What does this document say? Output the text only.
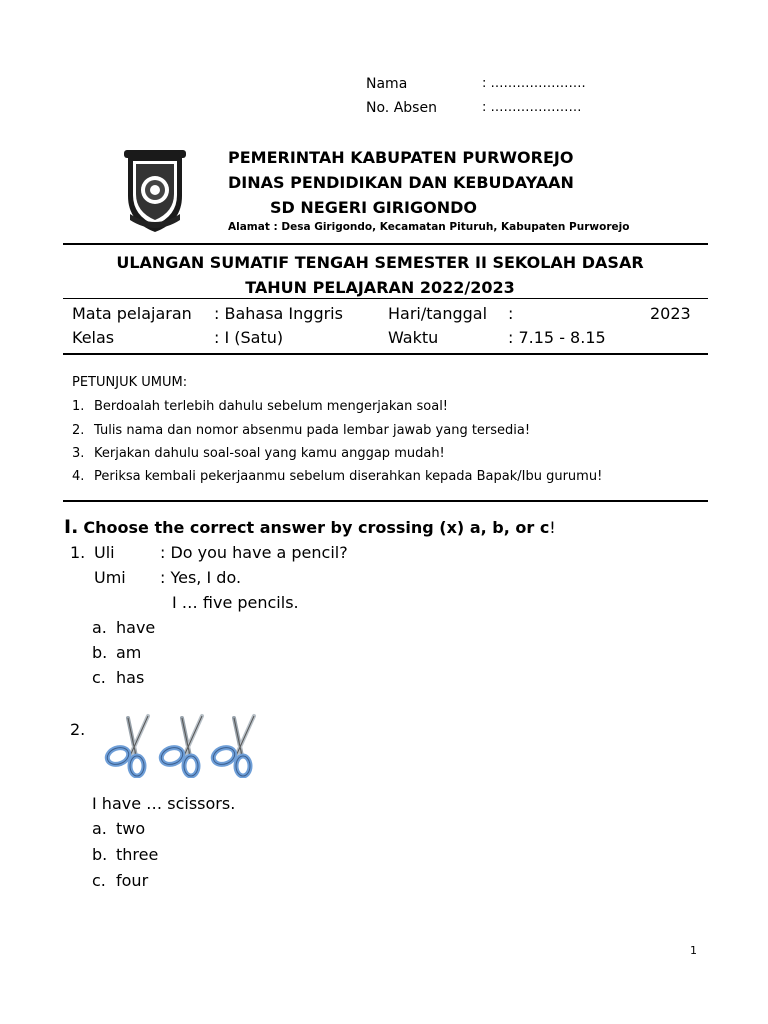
Nama	: ………………….
No. Absen	: …………………
PEMERINTAH KABUPATEN PURWOREJO
DINAS PENDIDIKAN DAN KEBUDAYAAN
SD NEGERI GIRIGONDO
Alamat : Desa Girigondo, Kecamatan Pituruh, Kabupaten Purworejo
ULANGAN SUMATIF TENGAH SEMESTER II SEKOLAH DASAR
TAHUN PELAJARAN 2022/2023
Mata pelajaran : Bahasa Inggris	Hari/tanggal :	2023
Kelas	: I (Satu)	Waktu	: 7.15 - 8.15
PETUNJUK UMUM:
1. Berdoalah terlebih dahulu sebelum mengerjakan soal!
2. Tulis nama dan nomor absenmu pada lembar jawab yang tersedia!
3. Kerjakan dahulu soal-soal yang kamu anggap mudah!
4. Periksa kembali pekerjaanmu sebelum diserahkan kepada Bapak/Ibu gurumu!
I. Choose the correct answer by crossing (x) a, b, or c!
1. Uli	: Do you have a pencil?
Umi : Yes, I do.
I … five pencils.
a. have
b. am
c. has
2.
I have … scissors.
a. two
b. three
c. four
1
